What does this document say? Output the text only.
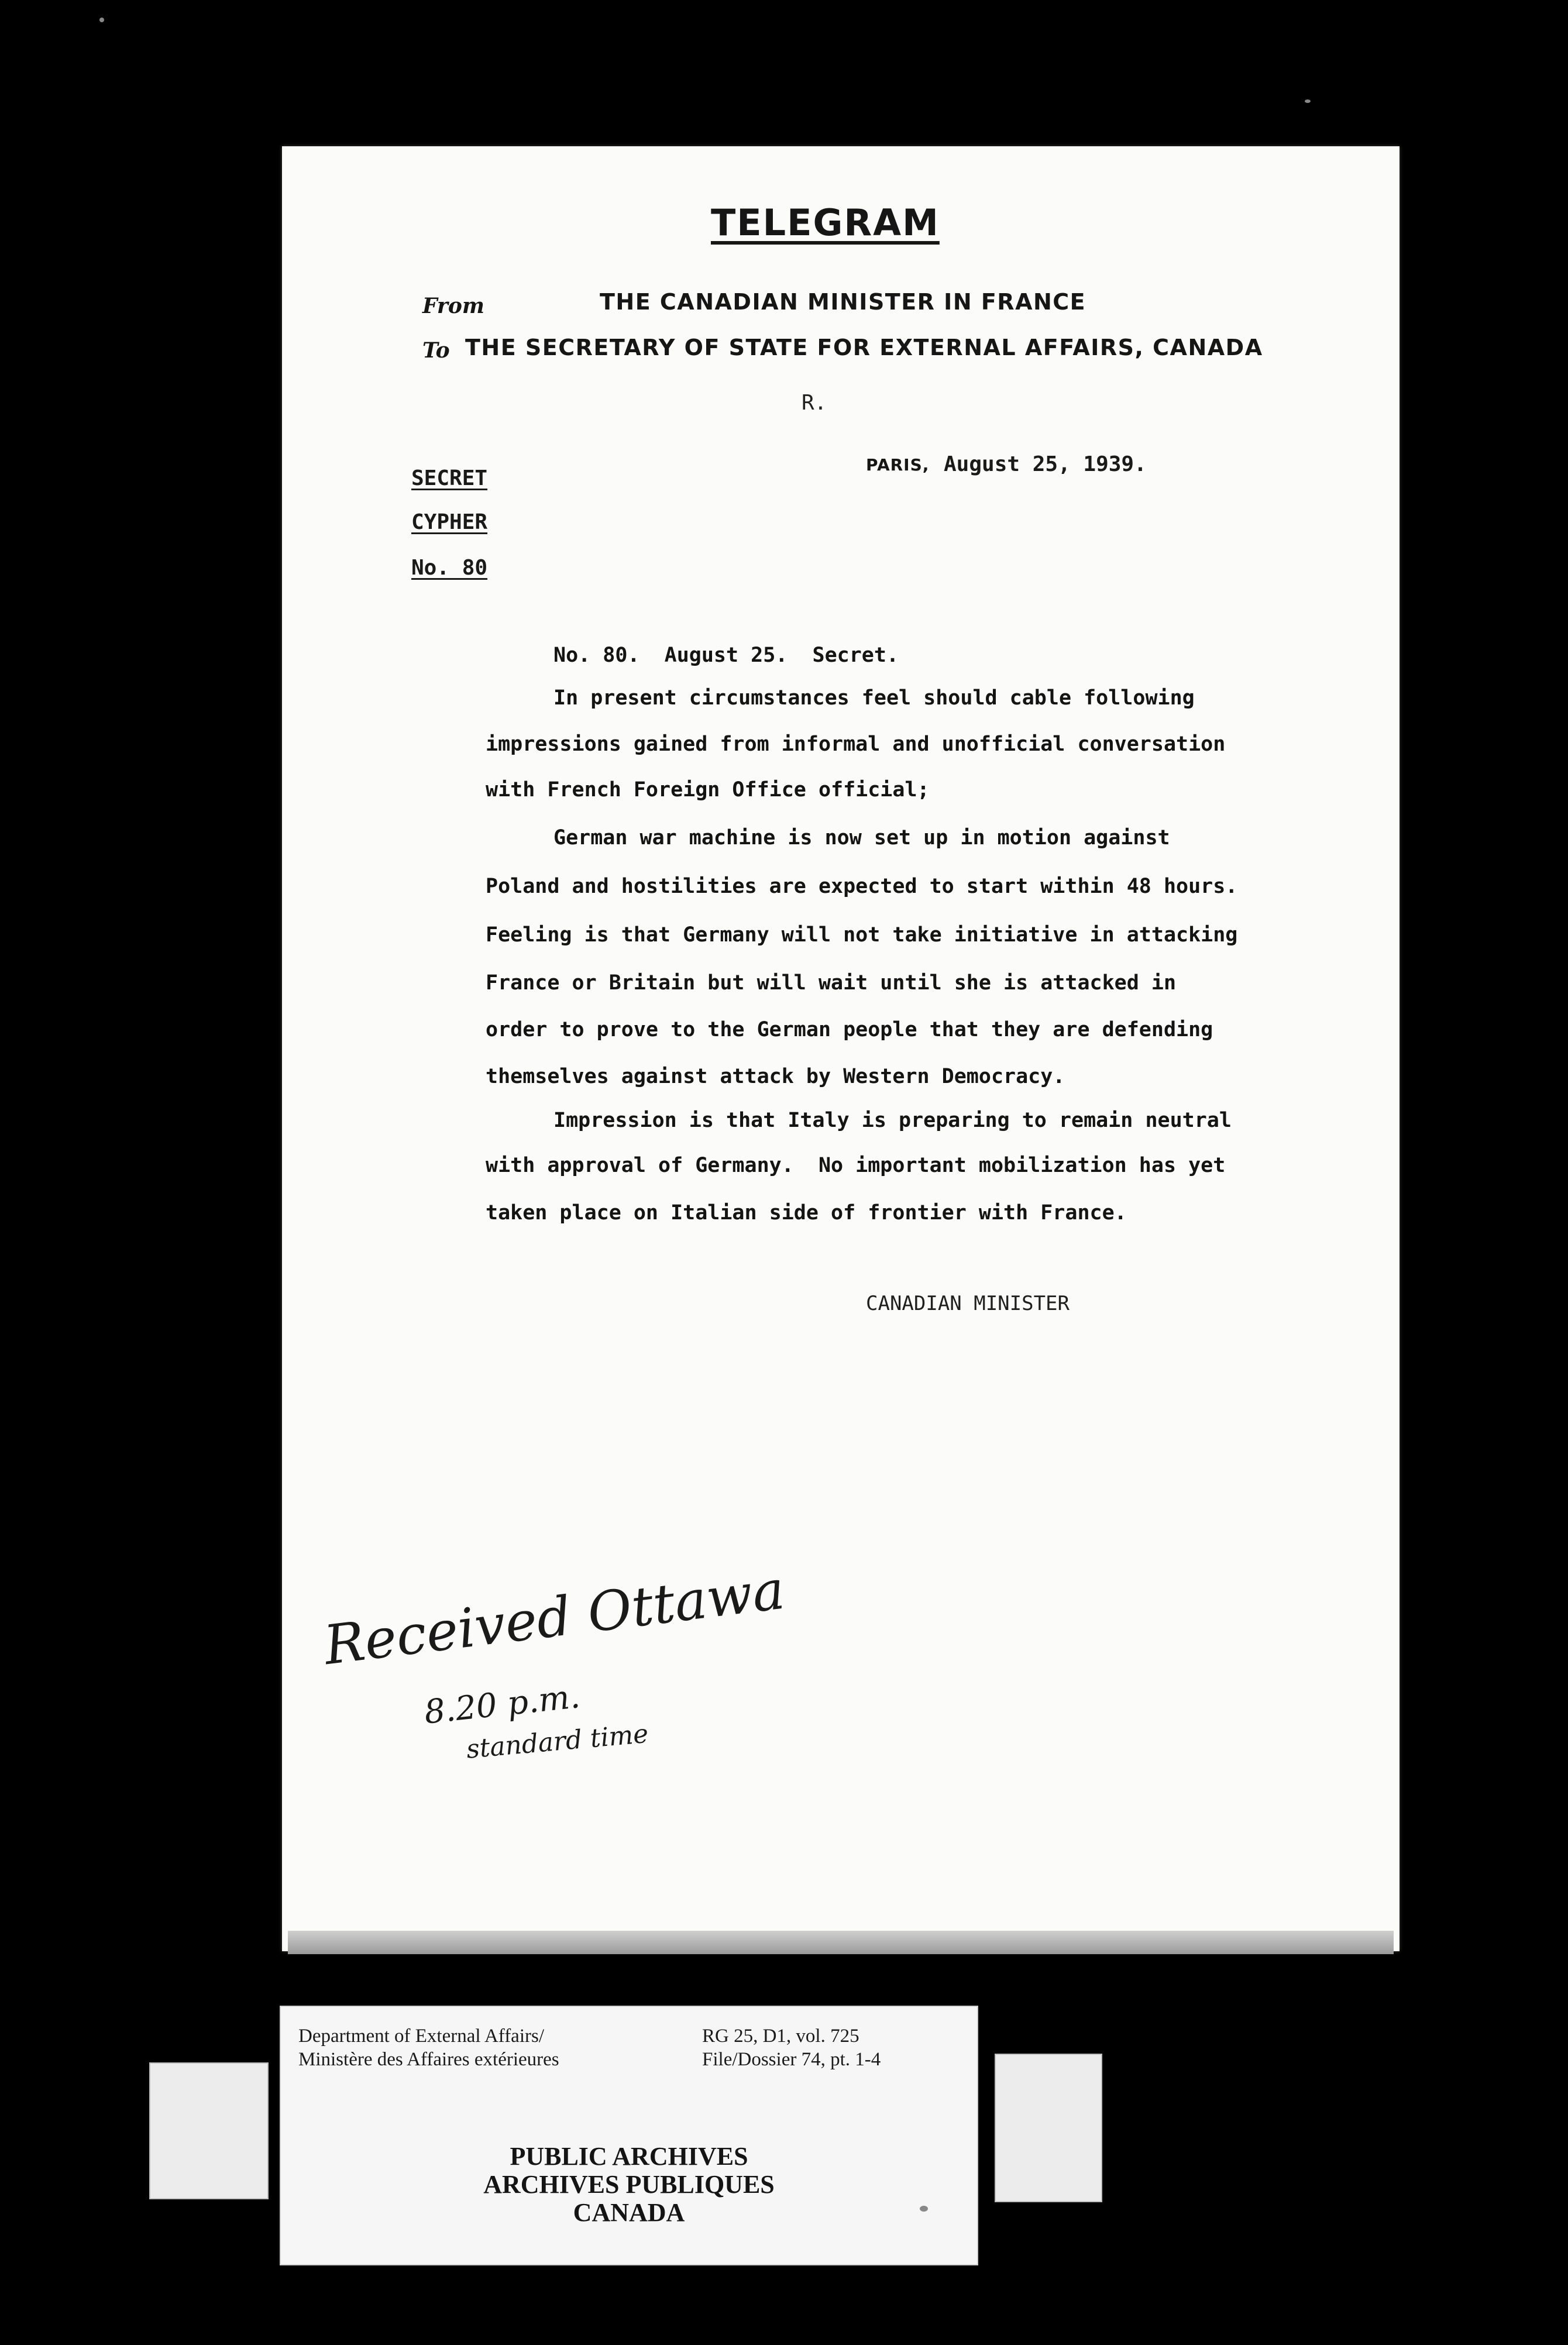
TELEGRAM
From	THE CANADIAN MINISTER IN FRANCE
To THE SECRETARY OF STATE FOR EXTERNAL AFFAIRS, CANADA
R.
SECRET
CYPHER
No. 80
PARIS, August 25, 1939.
No. 80.  August 25.  Secret.
In present circumstances feel should cable following
impressions gained from informal and unofficial conversation
with French Foreign Office official;
German war machine is now set up in motion against
Poland and hostilities are expected to start within 48 hours.
Feeling is that Germany will not take initiative in attacking
France or Britain but will wait until she is attacked in
order to prove to the German people that they are defending
themselves against attack by Western Democracy.
Impression is that Italy is preparing to remain neutral
with approval of Germany.  No important mobilization has yet
taken place on Italian side of frontier with France.
CANADIAN MINISTER
Received Ottawa
8.20 p.m.
standard time
Department of External Affairs/
Ministère des Affaires extérieures
RG 25, D1, vol. 725
File/Dossier 74, pt. 1-4
PUBLIC ARCHIVES
ARCHIVES PUBLIQUES
CANADA
